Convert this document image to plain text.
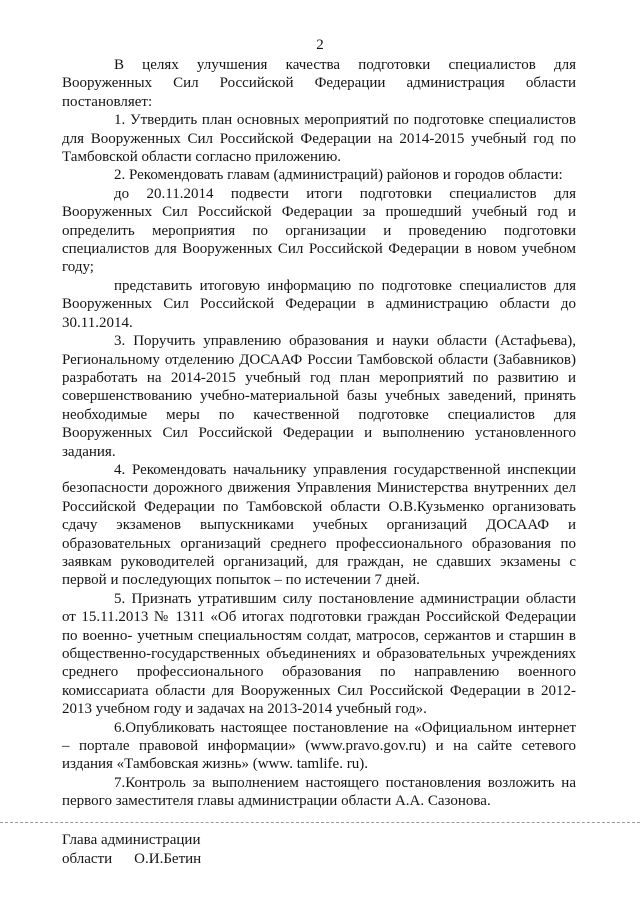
2

В целях улучшения качества подготовки специалистов для Вооруженных Сил Российской Федерации администрация области постановляет:

1. Утвердить план основных мероприятий по подготовке специалистов для Вооруженных Сил Российской Федерации на 2014-2015 учебный год по Тамбовской области согласно приложению.

2. Рекомендовать главам (администраций) районов и городов области:

до 20.11.2014 подвести итоги подготовки специалистов для Вооруженных Сил Российской Федерации за прошедший учебный год и определить мероприятия по организации и проведению подготовки специалистов для Вооруженных Сил Российской Федерации в новом учебном году;

представить итоговую информацию по подготовке специалистов для Вооруженных Сил Российской Федерации в администрацию области до 30.11.2014.

3. Поручить управлению образования и науки области (Астафьева), Региональному отделению ДОСААФ России Тамбовской области (Забавников) разработать на 2014-2015 учебный год план мероприятий по развитию и совершенствованию учебно-материальной базы учебных заведений, принять необходимые меры по качественной подготовке специалистов для Вооруженных Сил Российской Федерации и выполнению установленного задания.

4. Рекомендовать начальнику управления государственной инспекции безопасности дорожного движения Управления Министерства внутренних дел Российской Федерации по Тамбовской области О.В.Кузьменко организовать сдачу экзаменов выпускниками учебных организаций ДОСААФ и образовательных организаций среднего профессионального образования по заявкам руководителей организаций, для граждан, не сдавших экзамены с первой и последующих попыток – по истечении 7 дней.

5. Признать утратившим силу постановление администрации области от 15.11.2013 № 1311 «Об итогах подготовки граждан Российской Федерации по военно- учетным специальностям солдат, матросов, сержантов и старшин в общественно-государственных объединениях и образовательных учреждениях среднего профессионального образования по направлению военного комиссариата области для Вооруженных Сил Российской Федерации в 2012-2013 учебном году и задачах на 2013-2014 учебный год».

6.Опубликовать настоящее постановление на «Официальном интернет – портале правовой информации» (www.pravo.gov.ru) и на сайте сетевого издания «Тамбовская жизнь» (www. tamlife. ru).

7.Контроль за выполнением настоящего постановления возложить на первого заместителя главы администрации области А.А. Сазонова.

Глава администрации
области О.И.Бетин
